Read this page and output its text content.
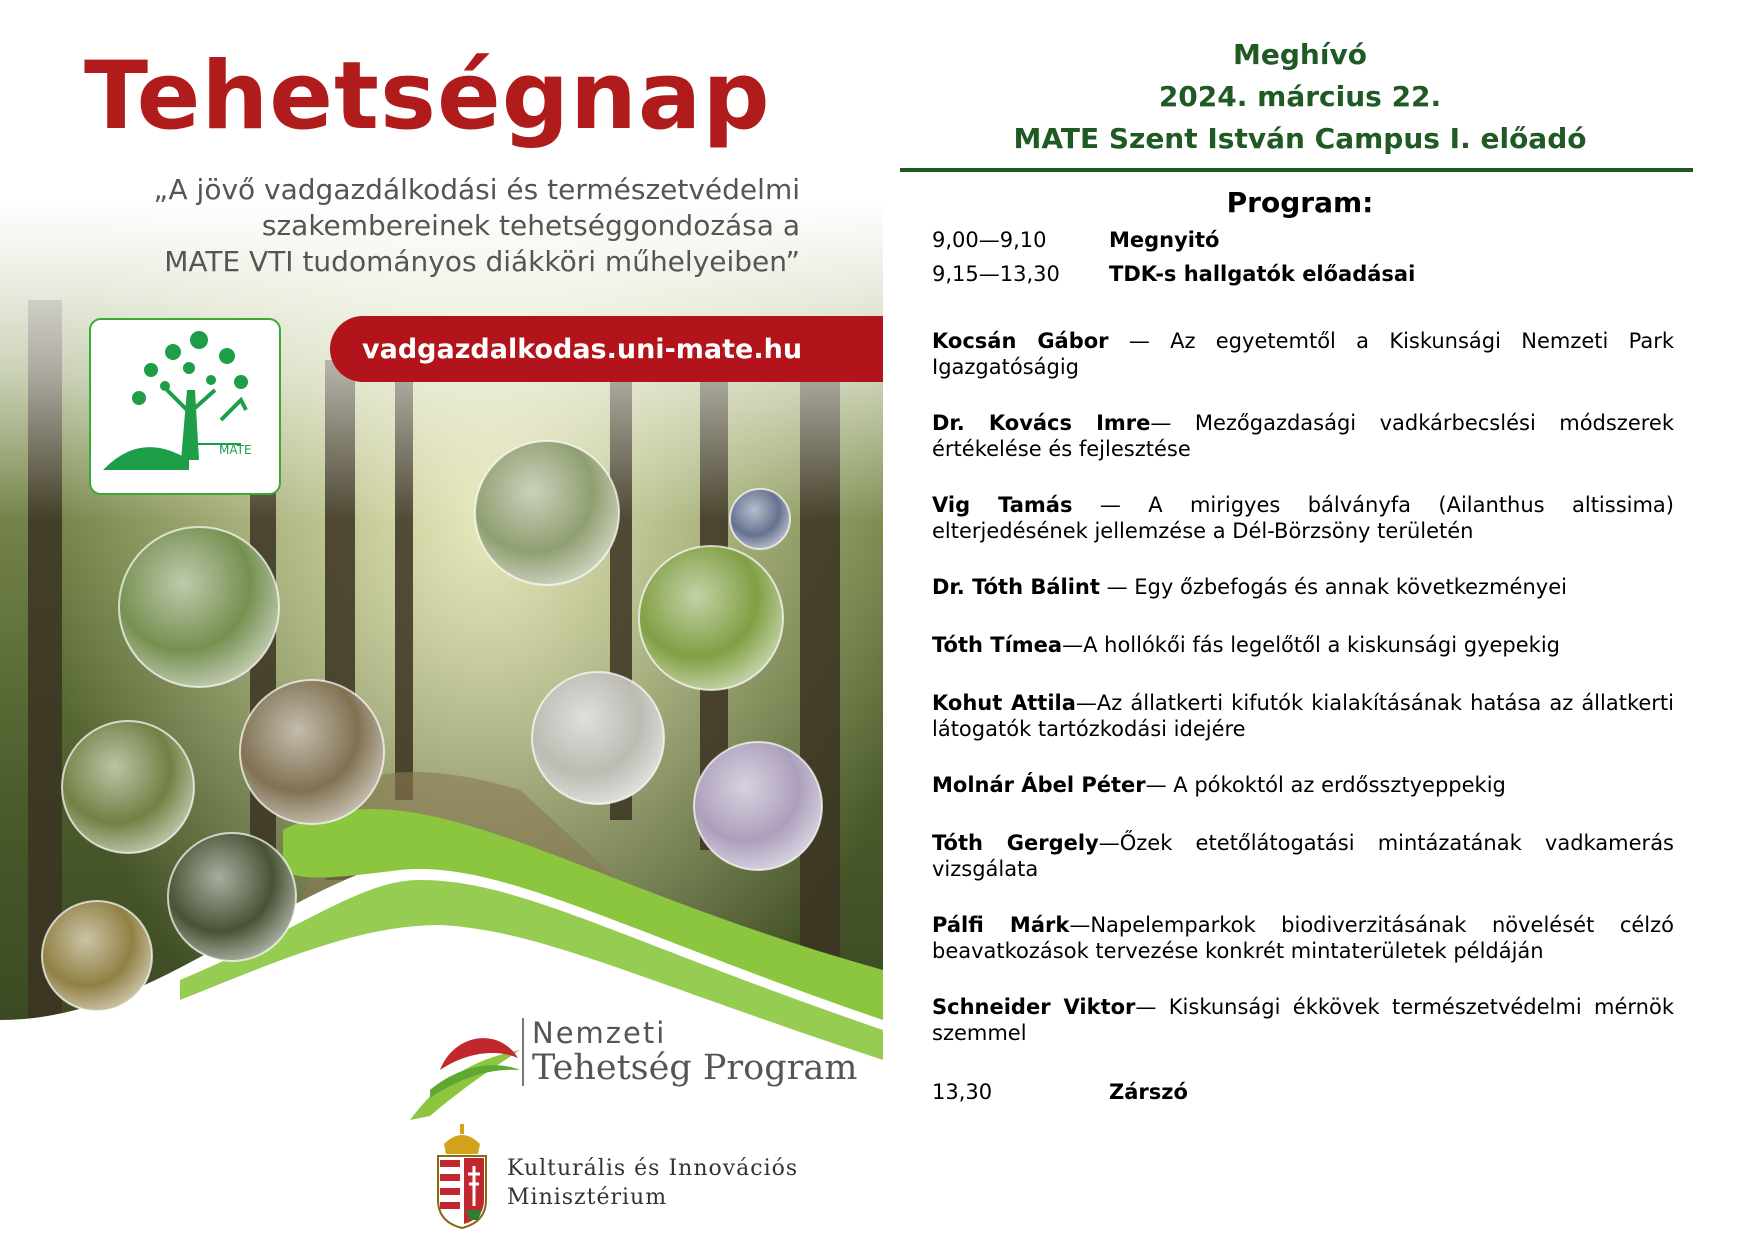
Tehetségnap
„A jövő vadgazdálkodási és természetvédelmi
szakembereinek tehetséggondozása a
MATE VTI tudományos diákköri műhelyeiben”
vadgazdalkodas.uni-mate.hu
MATE
Nemzeti
Tehetség Program
Kulturális és Innovációs
Minisztérium
Meghívó
2024. március 22.
MATE Szent István Campus I. előadó
Program:
9,00—9,10	Megnyitó
9,15—13,30 TDK-s hallgatók előadásai
Kocsán Gábor — Az egyetemtől a Kiskunsági Nemzeti Park Igazgatóságig
Dr. Kovács Imre— Mezőgazdasági vadkárbecslési módszerek értékelése és fejlesztése
Vig Tamás — A mirigyes bálványfa (Ailanthus altissima) elterjedésének jellemzése a Dél-Börzsöny területén
Dr. Tóth Bálint — Egy őzbefogás és annak következményei
Tóth Tímea—A hollókői fás legelőtől a kiskunsági gyepekig
Kohut Attila—Az állatkerti kifutók kialakításának hatása az állatkerti látogatók tartózkodási idejére
Molnár Ábel Péter— A pókoktól az erdőssztyeppekig
Tóth Gergely—Őzek etetőlátogatási mintázatának vadkamerás vizsgálata
Pálfi Márk—Napelemparkok biodiverzitásának növelését célzó beavatkozások tervezése konkrét mintaterületek példáján
Schneider Viktor— Kiskunsági ékkövek természetvédelmi mérnök szemmel
13,30	Zárszó
